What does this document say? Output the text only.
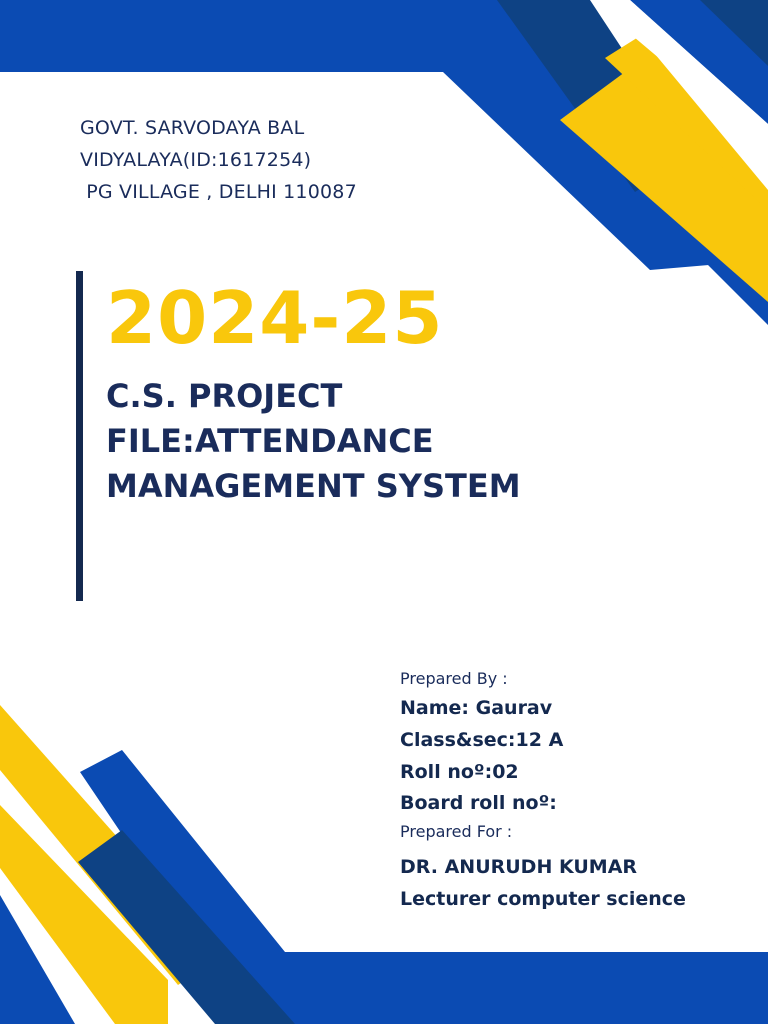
GOVT. SARVODAYA BAL
VIDYALAYA(ID:1617254)
PG VILLAGE , DELHI 110087
2024-25
C.S. PROJECT
FILE:ATTENDANCE
MANAGEMENT SYSTEM
Prepared By :
Name: Gaurav
Class&sec:12 A
Roll noº:02
Board roll noº:
Prepared For :
DR. ANURUDH KUMAR
Lecturer computer science
